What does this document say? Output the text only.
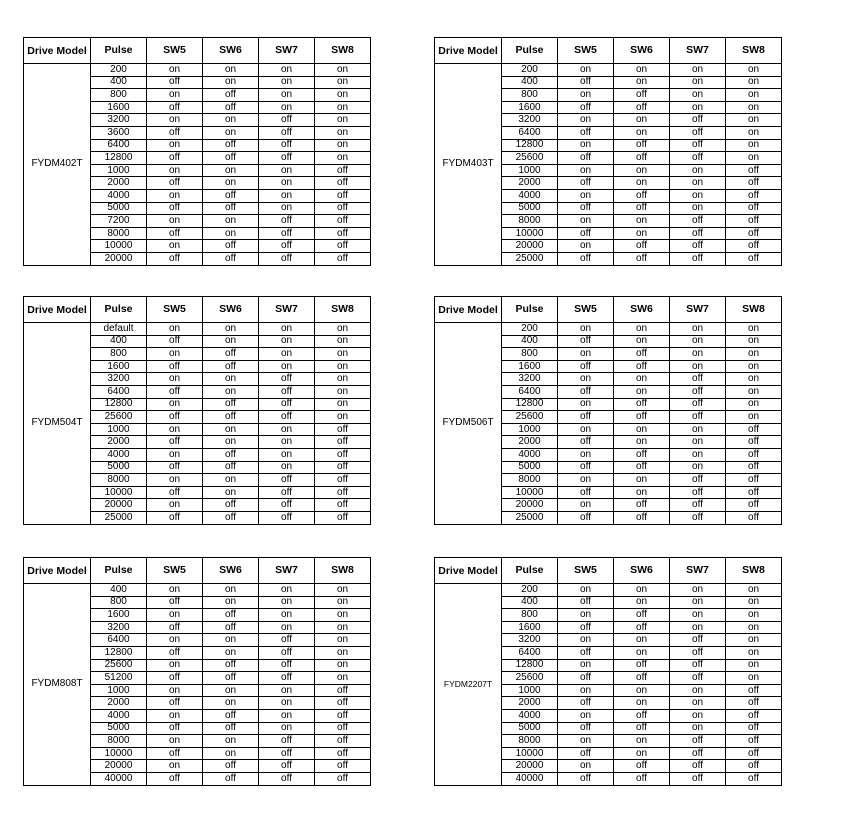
Drive Model	Pulse	SW5	SW6	SW7	SW8
FYDM402T	200	on	on	on	on
	400	off	on	on	on
	800	on	off	on	on
	1600	off	off	on	on
	3200	on	on	off	on
	3600	off	on	off	on
	6400	on	off	off	on
	12800	off	off	off	on
	1000	on	on	on	off
	2000	off	on	on	off
	4000	on	off	on	off
	5000	off	off	on	off
	7200	on	on	off	off
	8000	off	on	off	off
	10000	on	off	off	off
	20000	off	off	off	off
Drive Model	Pulse	SW5	SW6	SW7	SW8
FYDM403T	200	on	on	on	on
	400	off	on	on	on
	800	on	off	on	on
	1600	off	off	on	on
	3200	on	on	off	on
	6400	off	on	off	on
	12800	on	off	off	on
	25600	off	off	off	on
	1000	on	on	on	off
	2000	off	on	on	off
	4000	on	off	on	off
	5000	off	off	on	off
	8000	on	on	off	off
	10000	off	on	off	off
	20000	on	off	off	off
	25000	off	off	off	off
Drive Model	Pulse	SW5	SW6	SW7	SW8
FYDM504T	default	on	on	on	on
	400	off	on	on	on
	800	on	off	on	on
	1600	off	off	on	on
	3200	on	on	off	on
	6400	off	on	off	on
	12800	on	off	off	on
	25600	off	off	off	on
	1000	on	on	on	off
	2000	off	on	on	off
	4000	on	off	on	off
	5000	off	off	on	off
	8000	on	on	off	off
	10000	off	on	off	off
	20000	on	off	off	off
	25000	off	off	off	off
Drive Model	Pulse	SW5	SW6	SW7	SW8
FYDM506T	200	on	on	on	on
	400	off	on	on	on
	800	on	off	on	on
	1600	off	off	on	on
	3200	on	on	off	on
	6400	off	on	off	on
	12800	on	off	off	on
	25600	off	off	off	on
	1000	on	on	on	off
	2000	off	on	on	off
	4000	on	off	on	off
	5000	off	off	on	off
	8000	on	on	off	off
	10000	off	on	off	off
	20000	on	off	off	off
	25000	off	off	off	off
Drive Model	Pulse	SW5	SW6	SW7	SW8
FYDM808T	400	on	on	on	on
	800	off	on	on	on
	1600	on	off	on	on
	3200	off	off	on	on
	6400	on	on	off	on
	12800	off	on	off	on
	25600	on	off	off	on
	51200	off	off	off	on
	1000	on	on	on	off
	2000	off	on	on	off
	4000	on	off	on	off
	5000	off	off	on	off
	8000	on	on	off	off
	10000	off	on	off	off
	20000	on	off	off	off
	40000	off	off	off	off
Drive Model	Pulse	SW5	SW6	SW7	SW8
FYDM2207T	200	on	on	on	on
	400	off	on	on	on
	800	on	off	on	on
	1600	off	off	on	on
	3200	on	on	off	on
	6400	off	on	off	on
	12800	on	off	off	on
	25600	off	off	off	on
	1000	on	on	on	off
	2000	off	on	on	off
	4000	on	off	on	off
	5000	off	off	on	off
	8000	on	on	off	off
	10000	off	on	off	off
	20000	on	off	off	off
	40000	off	off	off	off
